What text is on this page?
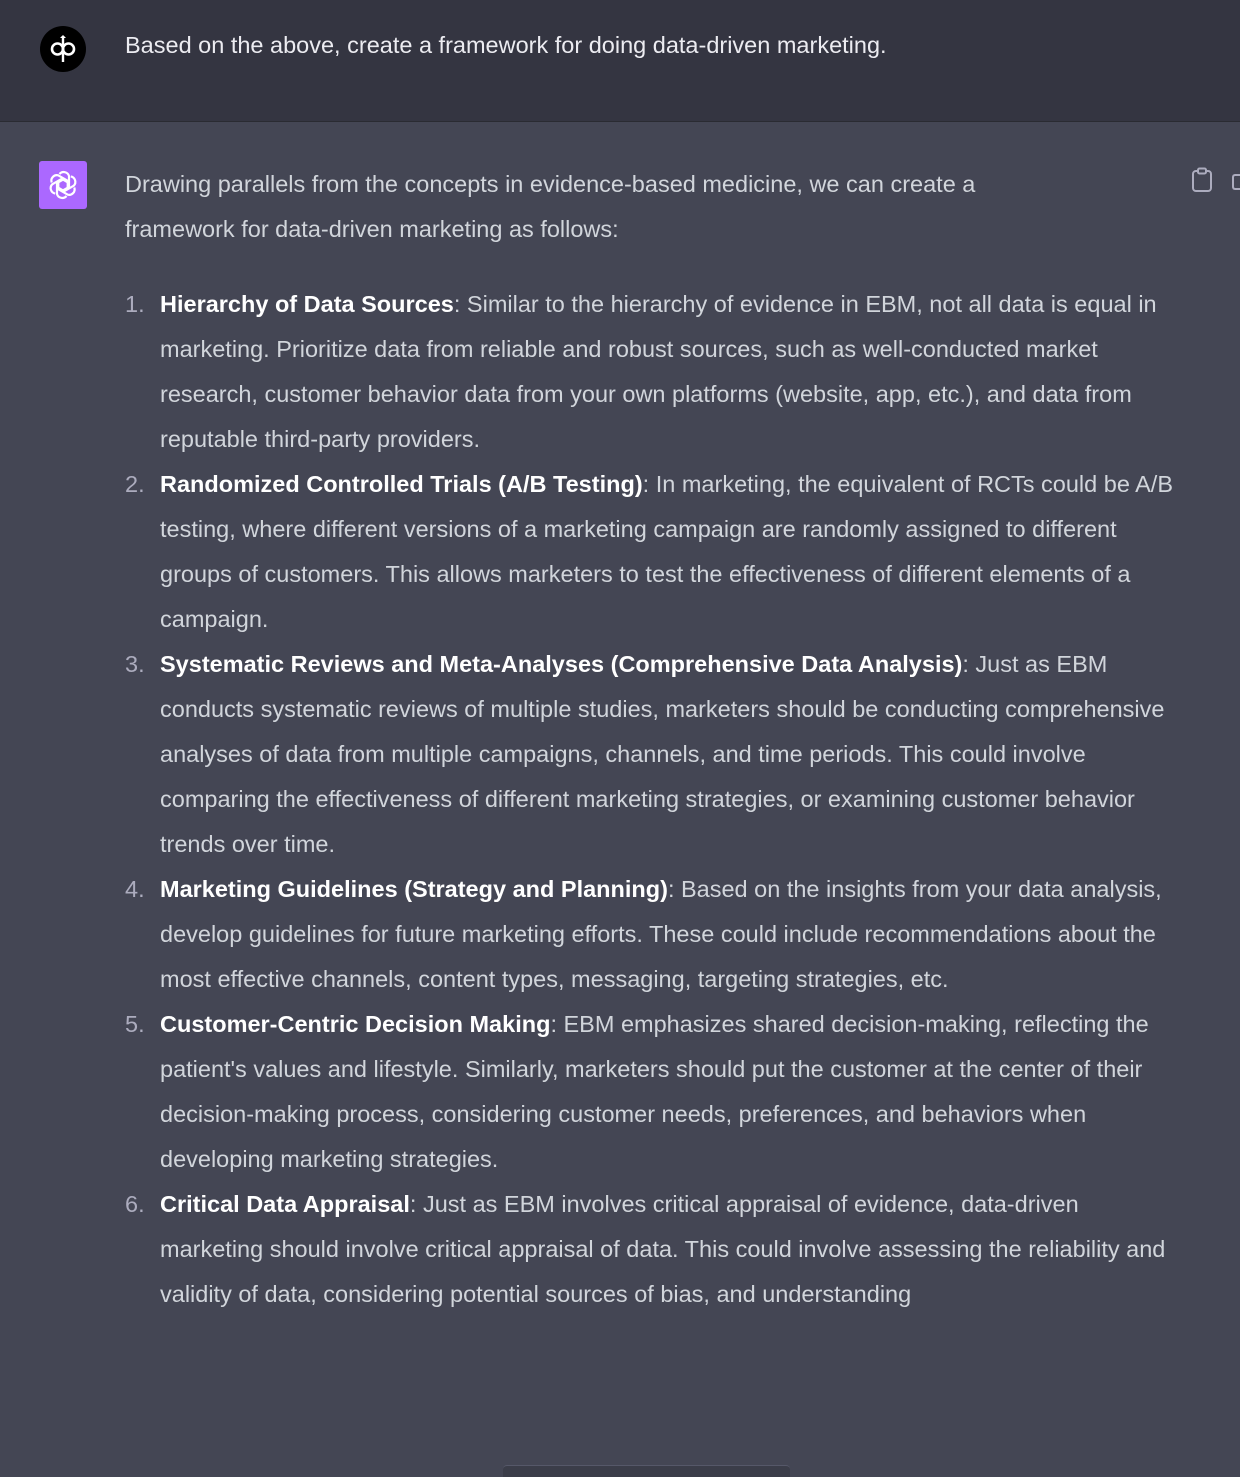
Based on the above, create a framework for doing data-driven marketing.

Drawing parallels from the concepts in evidence-based medicine, we can create a framework for data-driven marketing as follows:

1. Hierarchy of Data Sources: Similar to the hierarchy of evidence in EBM, not all data is equal in marketing. Prioritize data from reliable and robust sources, such as well-conducted market research, customer behavior data from your own platforms (website, app, etc.), and data from reputable third-party providers.
2. Randomized Controlled Trials (A/B Testing): In marketing, the equivalent of RCTs could be A/B testing, where different versions of a marketing campaign are randomly assigned to different groups of customers. This allows marketers to test the effectiveness of different elements of a campaign.
3. Systematic Reviews and Meta-Analyses (Comprehensive Data Analysis): Just as EBM conducts systematic reviews of multiple studies, marketers should be conducting comprehensive analyses of data from multiple campaigns, channels, and time periods. This could involve comparing the effectiveness of different marketing strategies, or examining customer behavior trends over time.
4. Marketing Guidelines (Strategy and Planning): Based on the insights from your data analysis, develop guidelines for future marketing efforts. These could include recommendations about the most effective channels, content types, messaging, targeting strategies, etc.
5. Customer-Centric Decision Making: EBM emphasizes shared decision-making, reflecting the patient's values and lifestyle. Similarly, marketers should put the customer at the center of their decision-making process, considering customer needs, preferences, and behaviors when developing marketing strategies.
6. Critical Data Appraisal: Just as EBM involves critical appraisal of evidence, data-driven marketing should involve critical appraisal of data. This could involve assessing the reliability and validity of data, considering potential sources of bias, and understanding
